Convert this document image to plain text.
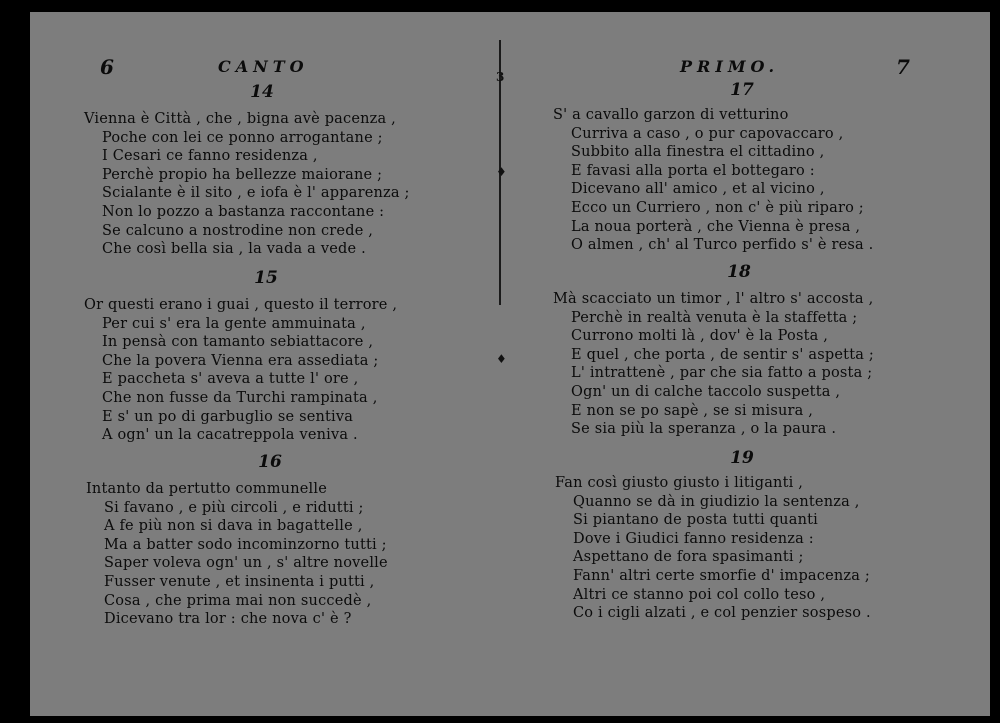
3
♦
♦
6	CANTO
14
Vienna è Città , che , bigna avè pacenza ,
Poche con lei ce ponno arrogantane ;
I Cesari ce fanno residenza ,
Perchè propio ha bellezze maiorane ;
Scialante è il sito , e iofa è l' apparenza ;
Non lo pozzo a bastanza raccontane :
Se calcuno a nostrodine non crede ,
Che così bella sia , la vada a vede .
15
Or questi erano i guai , questo il terrore ,
Per cui s' era la gente ammuinata ,
In pensà con tamanto sebiattacore ,
Che la povera Vienna era assediata ;
E paccheta s' aveva a tutte l' ore ,
Che non fusse da Turchi rampinata ,
E s' un po di garbuglio se sentiva
A ogn' un la cacatreppola veniva .
16
Intanto da pertutto communelle
Si favano , e più circoli , e ridutti ;
A fe più non si dava in bagattelle ,
Ma a batter sodo incominzorno tutti ;
Saper voleva ogn' un , s' altre novelle
Fusser venute , et insinenta i putti ,
Cosa , che prima mai non succedè ,
Dicevano tra lor : che nova c' è ?
PRIMO.	7
17
S' a cavallo garzon di vetturino
Curriva a caso , o pur capovaccaro ,
Subbito alla finestra el cittadino ,
E favasi alla porta el bottegaro :
Dicevano all' amico , et al vicino ,
Ecco un Curriero , non c' è più riparo ;
La noua porterà , che Vienna è presa ,
O almen , ch' al Turco perfido s' è resa .
18
Mà scacciato un timor , l' altro s' accosta ,
Perchè in realtà venuta è la staffetta ;
Currono molti là , dov' è la Posta ,
E quel , che porta , de sentir s' aspetta ;
L' intrattenè , par che sia fatto a posta ;
Ogn' un di calche taccolo suspetta ,
E non se po sapè , se si misura ,
Se sia più la speranza , o la paura .
19
Fan così giusto giusto i litiganti ,
Quanno se dà in giudizio la sentenza ,
Si piantano de posta tutti quanti
Dove i Giudici fanno residenza :
Aspettano de fora spasimanti ;
Fann' altri certe smorfie d' impacenza ;
Altri ce stanno poi col collo teso ,
Co i cigli alzati , e col penzier sospeso .
